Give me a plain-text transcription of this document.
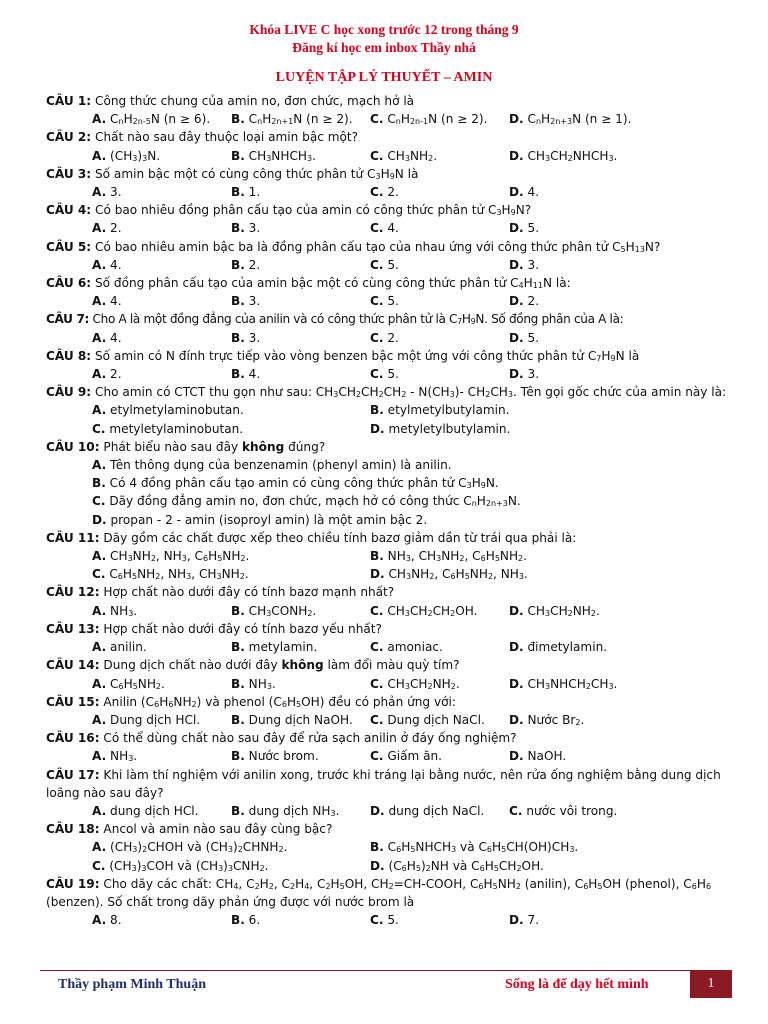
Khóa LIVE C học xong trước 12 trong tháng 9
Đăng kí học em inbox Thầy nhá
LUYỆN TẬP LÝ THUYẾT – AMIN
CÂU 1: Công thức chung của amin no, đơn chức, mạch hở là
A. $C_nH_{2n-5}N$ (n ≥ 6).	B. $C_nH_{2n+1}N$ (n ≥ 2).	C. $C_nH_{2n-1}N$ (n ≥ 2).	D. $C_nH_{2n+3}N$ (n ≥ 1).
CÂU 2: Chất nào sau đây thuộc loại amin bậc một?
A. $(CH_3)_3N$.	B. $CH_3NHCH_3$.	C. $CH_3NH_2$.	D. $CH_3CH_2NHCH_3$.
CÂU 3: Số amin bậc một có cùng công thức phân tử $C_3H_9N$ là
A. 3.	B. 1.	C. 2.	D. 4.
CÂU 4: Có bao nhiêu đồng phân cấu tạo của amin có công thức phân tử $C_3H_9N$?
A. 2.	B. 3.	C. 4.	D. 5.
CÂU 5: Có bao nhiêu amin bậc ba là đồng phân cấu tạo của nhau ứng với công thức phân tử $C_5H_{13}N$?
A. 4.	B. 2.	C. 5.	D. 3.
CÂU 6: Số đồng phân cấu tạo của amin bậc một có cùng công thức phân tử $C_4H_{11}N$ là:
A. 4.	B. 3.	C. 5.	D. 2.
CÂU 7: Cho A là một đồng đẳng của anilin và có công thức phân tử là $C_7H_9N$. Số đồng phân của A là:
A. 4.	B. 3.	C. 2.	D. 5.
CÂU 8: Số amin có N đính trực tiếp vào vòng benzen bậc một ứng với công thức phân tử $C_7H_9N$ là
A. 2.	B. 4.	C. 5.	D. 3.
CÂU 9: Cho amin có CTCT thu gọn như sau: $CH_3CH_2CH_2CH_2 - N(CH_3)-$ $CH_2CH_3$. Tên gọi gốc chức của amin này là:
A. etylmetylaminobutan.	B. etylmetylbutylamin.
C. metyletylaminobutan.	D. metyletylbutylamin.
CÂU 10: Phát biểu nào sau đây không đúng?
A. Tên thông dụng của benzenamin (phenyl amin) là anilin.
B. Có 4 đồng phân cấu tạo amin có cùng công thức phân tử $C_3H_9N$.
C. Dãy đồng đẳng amin no, đơn chức, mạch hở có công thức $C_nH_{2n+3}N$.
D. propan - 2 - amin (isoproyl amin) là một amin bậc 2.
CÂU 11: Dãy gồm các chất được xếp theo chiều tính bazơ giảm dần từ trái qua phải là:
A. $CH_3NH_2$, $NH_3$, $C_6H_5NH_2$.	B. $NH_3$, $CH_3NH_2$, $C_6H_5NH_2$.
C. $C_6H_5NH_2$, $NH_3$, $CH_3NH_2$.	D. $CH_3NH_2$, $C_6H_5NH_2$, $NH_3$.
CÂU 12: Hợp chất nào dưới đây có tính bazơ mạnh nhất?
A. $NH_3$.	B. $CH_3CONH_2$.	C. $CH_3CH_2CH_2OH$.	D. $CH_3CH_2NH_2$.
CÂU 13: Hợp chất nào dưới đây có tính bazơ yếu nhất?
A. anilin.	B. metylamin.	C. amoniac.	D. đimetylamin.
CÂU 14: Dung dịch chất nào dưới đây không làm đổi màu quỳ tím?
A. $C_6H_5NH_2$.	B. $NH_3$.	C. $CH_3CH_2NH_2$.	D. $CH_3NHCH_2CH_3$.
CÂU 15: Anilin $(C_6H_6NH_2)$ và phenol $(C_6H_5OH)$ đều có phản ứng với:
A. Dung dịch HCl.	B. Dung dịch NaOH.	C. Dung dịch NaCl.	D. Nước $Br_2$.
CÂU 16: Có thể dùng chất nào sau đây để rửa sạch anilin ở đáy ống nghiệm?
A. $NH_3$.	B. Nước brom.	C. Giấm ăn.	D. NaOH.
CÂU 17: Khi làm thí nghiệm với anilin xong, trước khi tráng lại bằng nước, nên rửa ống nghiệm bằng dung dịch loãng nào sau đây?
A. dung dịch HCl.	B. dung dịch $NH_3$.	D. dung dịch NaCl.	C. nước vôi trong.
CÂU 18: Ancol và amin nào sau đây cùng bậc?
A. $(CH_3)_2CHOH$ và $(CH_3)_2CHNH_2$.	B. $C_6H_5NHCH_3$ và $C_6H_5CH(OH)CH_3$.
C. $(CH_3)_3COH$ và $(CH_3)_3CNH_2$.	D. $(C_6H_5)_2NH$ và $C_6H_5CH_2OH$.
CÂU 19: Cho dãy các chất: $CH_4$, $C_2H_2$, $C_2H_4$, $C_2H_5OH$, $CH_2=CH$-COOH, $C_6H_5NH_2$ (anilin), $C_6H_5OH$ (phenol), $C_6H_6$ (benzen). Số chất trong dãy phản ứng được với nước brom là
A. 8.	B. 6.	C. 5.	D. 7.
Thầy phạm Minh Thuận	Sống là để dạy hết mình	1
